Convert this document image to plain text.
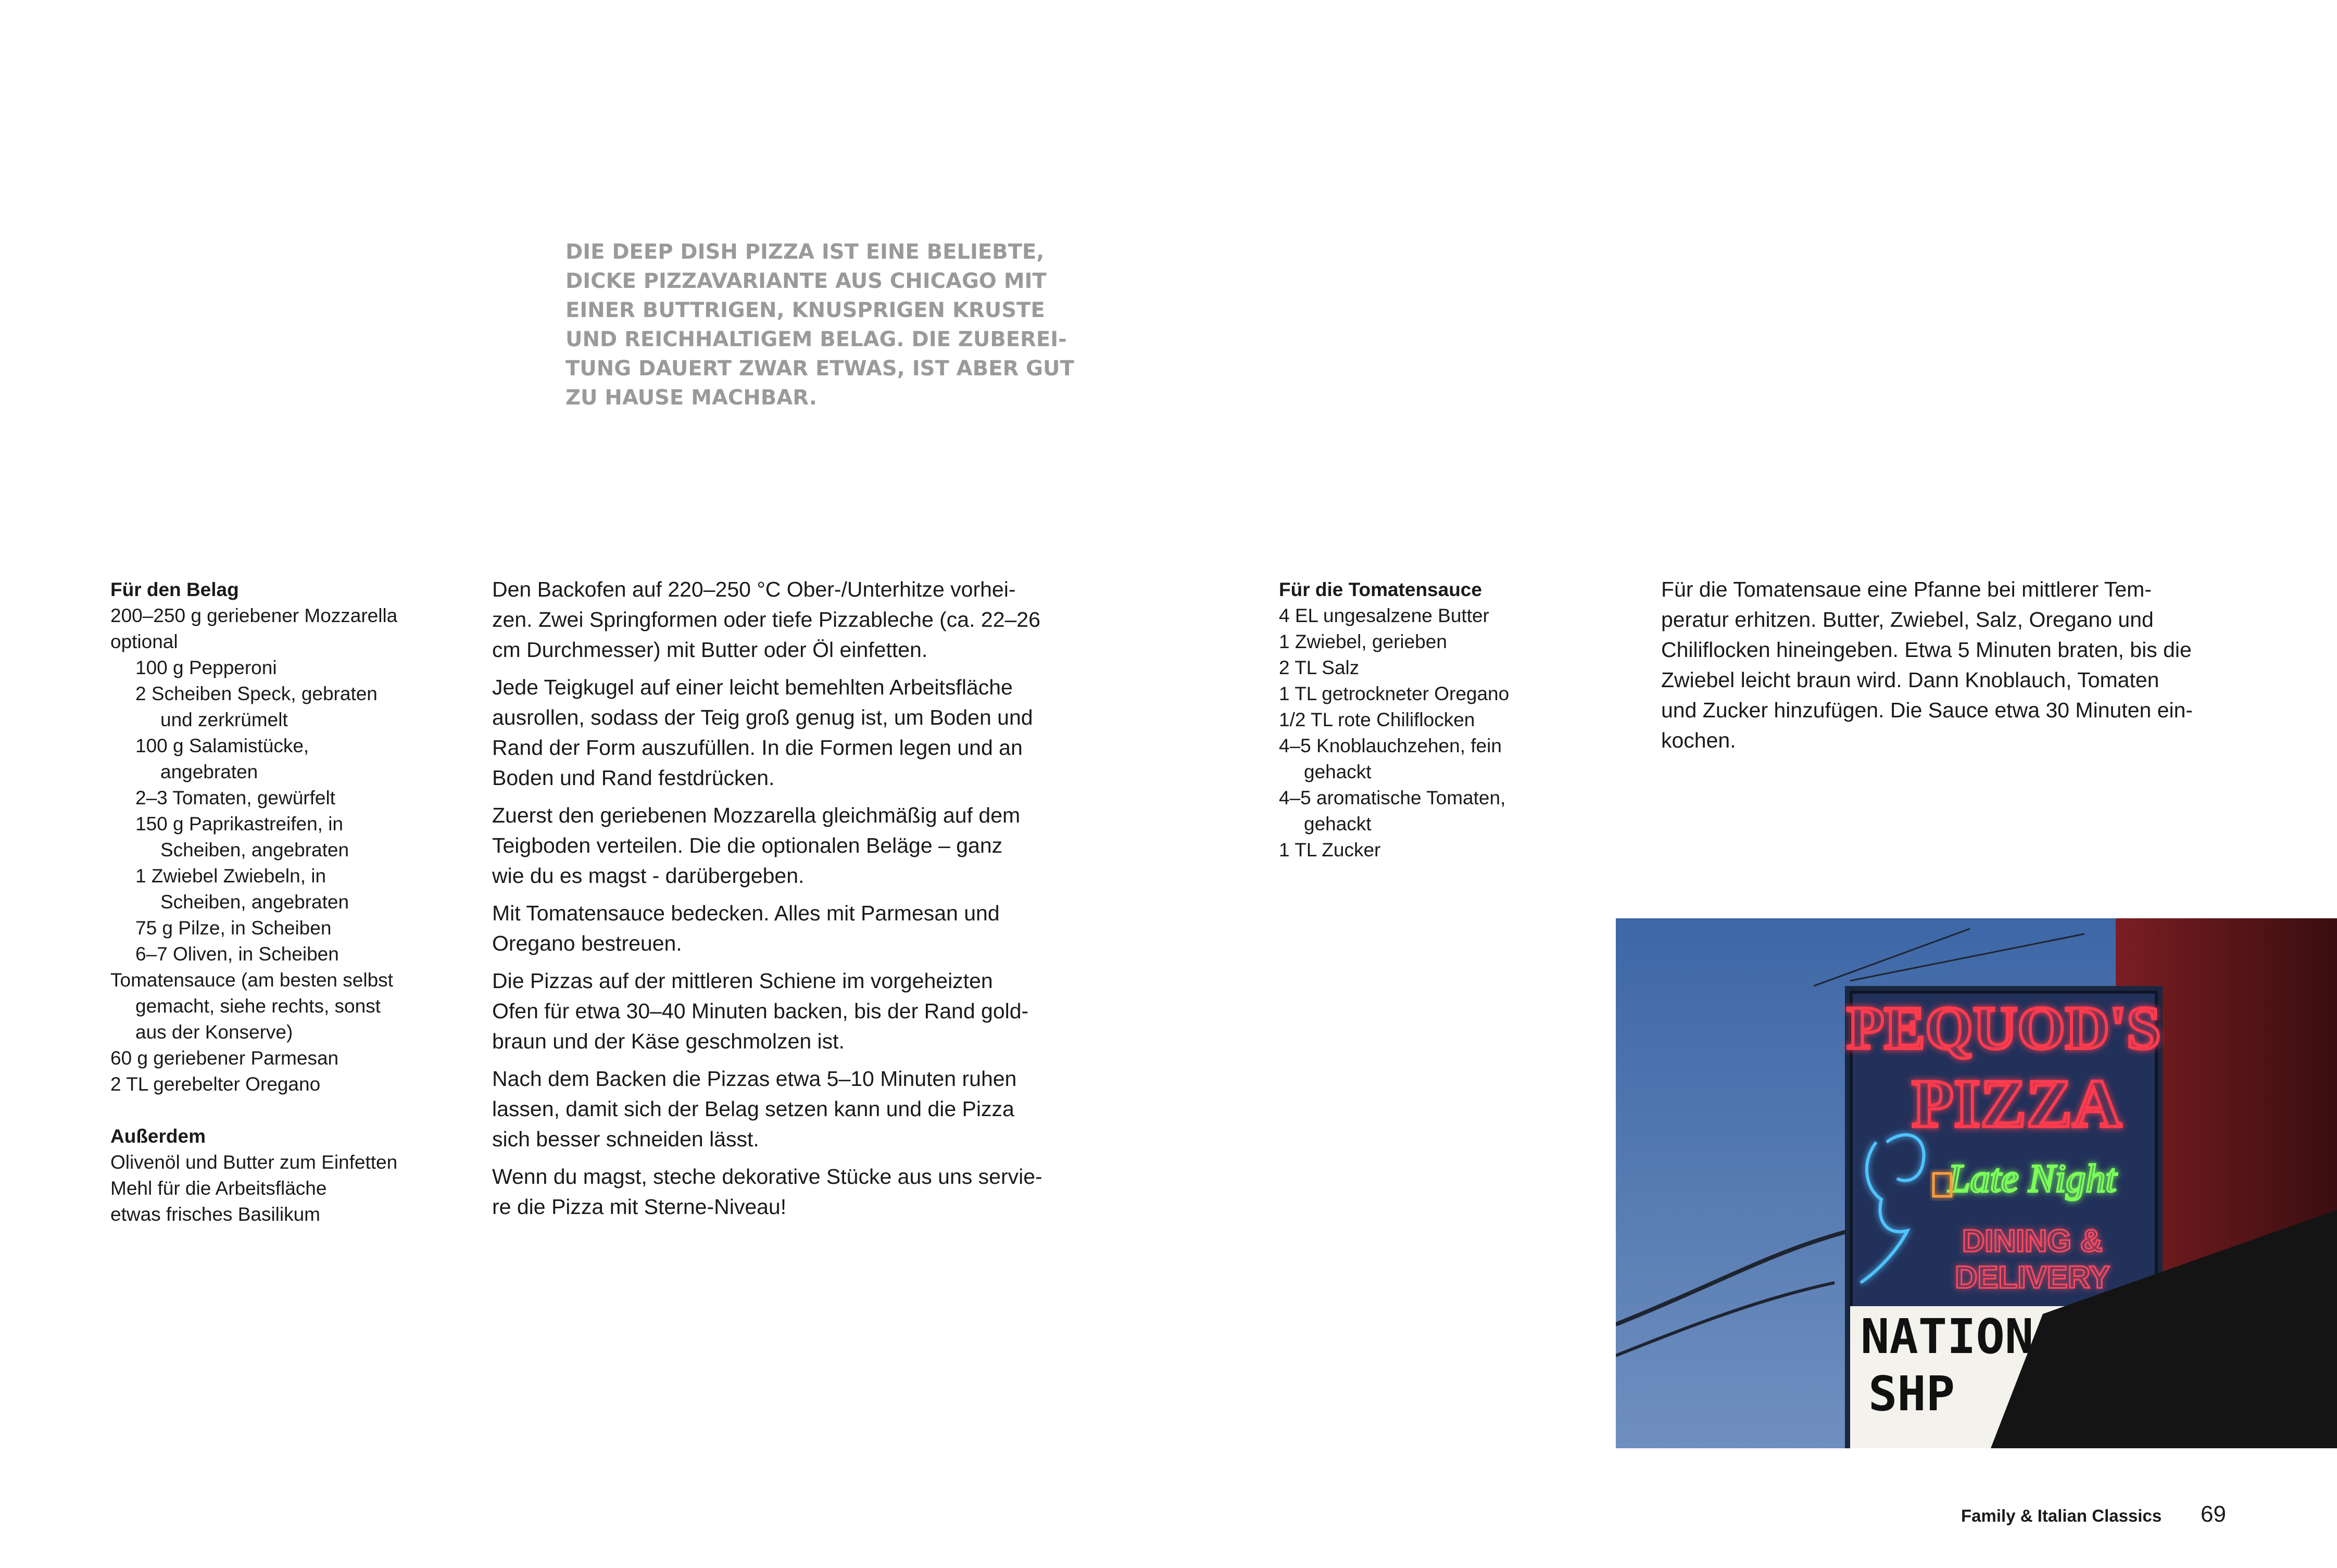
DIE DEEP DISH PIZZA IST EINE BELIEBTE,
DICKE PIZZAVARIANTE AUS CHICAGO MIT
EINER BUTTRIGEN, KNUSPRIGEN KRUSTE
UND REICHHALTIGEM BELAG. DIE ZUBEREI-
TUNG DAUERT ZWAR ETWAS, IST ABER GUT
ZU HAUSE MACHBAR.
Für den Belag
200–250 g geriebener Mozzarella
optional
100 g Pepperoni
2 Scheiben Speck, gebraten
und zerkrümelt
100 g Salamistücke,
angebraten
2–3 Tomaten, gewürfelt
150 g Paprikastreifen, in
Scheiben, angebraten
1 Zwiebel Zwiebeln, in
Scheiben, angebraten
75 g Pilze, in Scheiben
6–7 Oliven, in Scheiben
Tomatensauce (am besten selbst
gemacht, siehe rechts, sonst
aus der Konserve)
60 g geriebener Parmesan
2 TL gerebelter Oregano
Außerdem
Olivenöl und Butter zum Einfetten
Mehl für die Arbeitsfläche
etwas frisches Basilikum

Den Backofen auf 220–250 °C Ober-/Unterhitze vorhei-
zen. Zwei Springformen oder tiefe Pizzableche (ca. 22–26
cm Durchmesser) mit Butter oder Öl einfetten.

Jede Teigkugel auf einer leicht bemehlten Arbeitsfläche
ausrollen, sodass der Teig groß genug ist, um Boden und
Rand der Form auszufüllen. In die Formen legen und an
Boden und Rand festdrücken.

Zuerst den geriebenen Mozzarella gleichmäßig auf dem
Teigboden verteilen. Die die optionalen Beläge – ganz
wie du es magst - darübergeben.

Mit Tomatensauce bedecken. Alles mit Parmesan und
Oregano bestreuen.

Die Pizzas auf der mittleren Schiene im vorgeheizten
Ofen für etwa 30–40 Minuten backen, bis der Rand gold-
braun und der Käse geschmolzen ist.

Nach dem Backen die Pizzas etwa 5–10 Minuten ruhen
lassen, damit sich der Belag setzen kann und die Pizza
sich besser schneiden lässt.

Wenn du magst, steche dekorative Stücke aus uns servie-
re die Pizza mit Sterne-Niveau!

Für die Tomatensauce
4 EL ungesalzene Butter
1 Zwiebel, gerieben
2 TL Salz
1 TL getrockneter Oregano
1/2 TL rote Chiliflocken
4–5 Knoblauchzehen, fein
gehackt
4–5 aromatische Tomaten,
gehackt
1 TL Zucker
Für die Tomatensaue eine Pfanne bei mittlerer Tem-
peratur erhitzen. Butter, Zwiebel, Salz, Oregano und
Chiliflocken hineingeben. Etwa 5 Minuten braten, bis die
Zwiebel leicht braun wird. Dann Knoblauch, Tomaten
und Zucker hinzufügen. Die Sauce etwa 30 Minuten ein-
kochen.
PEQUOD'S
PIZZA
Late Night
DINING &
DELIVERY
NATION
SHP
Family & Italian Classics 69
